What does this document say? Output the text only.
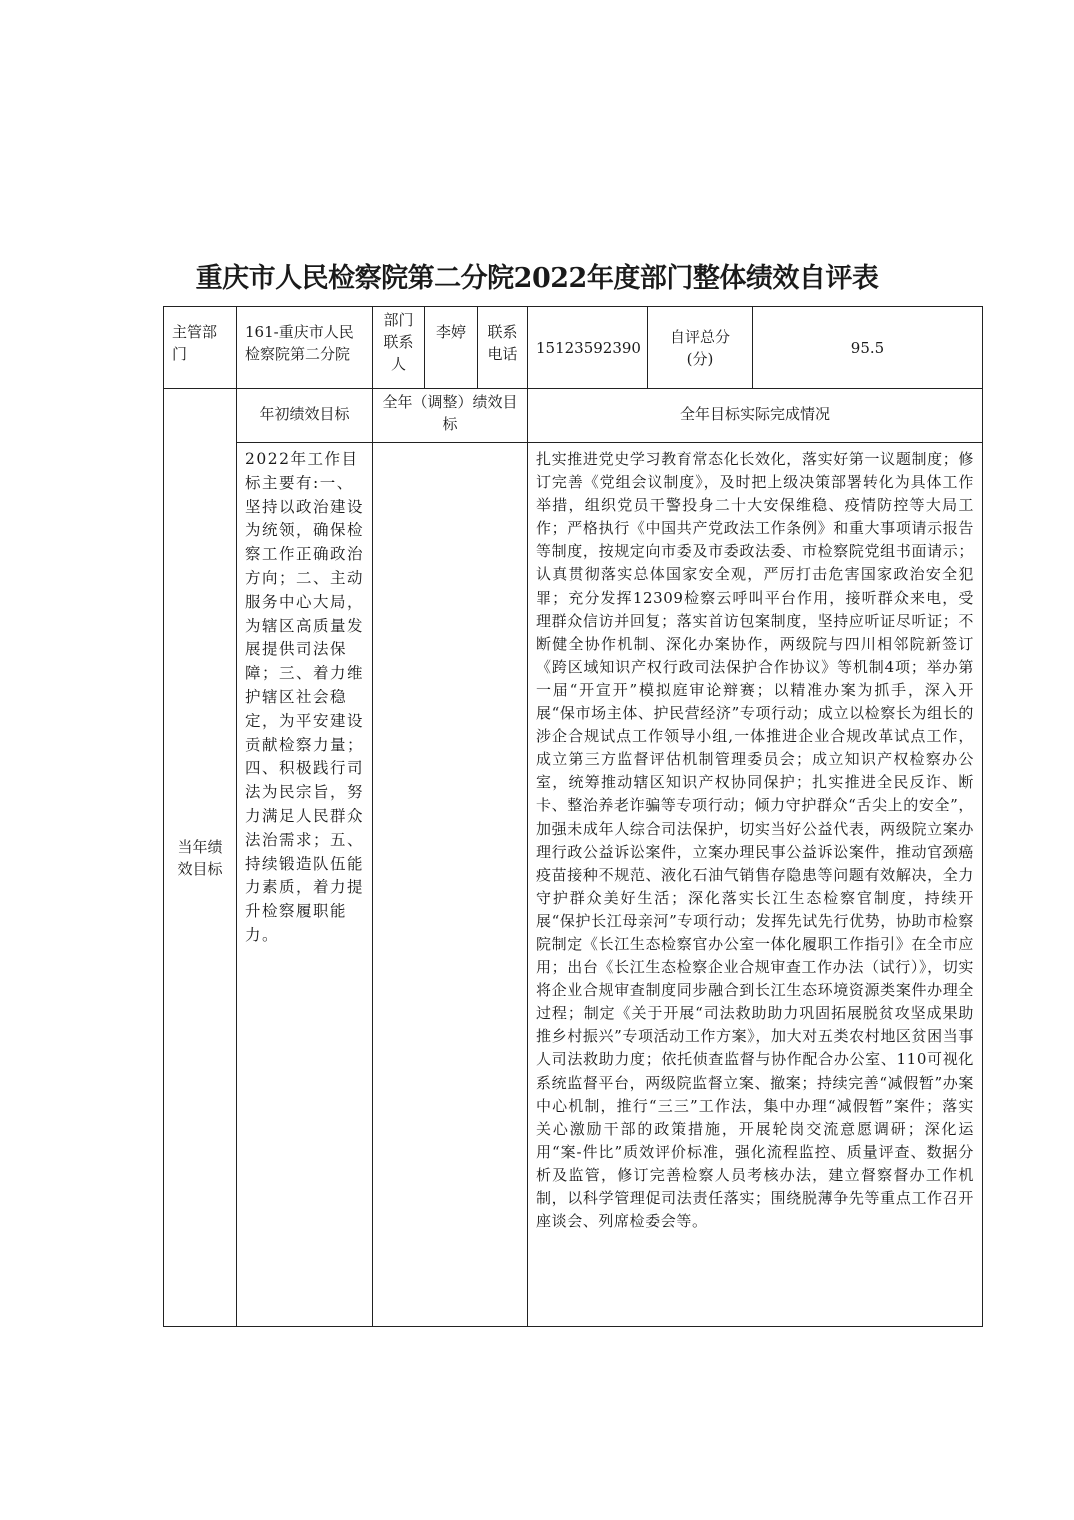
重庆市人民检察院第二分院2022年度部门整体绩效自评表
主管部门	161-重庆市人民检察院第二分院	部门联系人	李婷	联系电话	15123592390	自评总分(分)	95.5
当年绩效目标	年初绩效目标	全年（调整）绩效目标			全年目标实际完成情况		
	2022年工作目标主要有:一、坚持以政治建设为统领，确保检察工作正确政治方向；二、主动服务中心大局，为辖区高质量发展提供司法保障；三、着力维护辖区社会稳定，为平安建设贡献检察力量；四、积极践行司法为民宗旨，努力满足人民群众法治需求；五、持续锻造队伍能力素质，着力提升检察履职能力。				扎实推进党史学习教育常态化长效化，落实好第一议题制度；修订完善《党组会议制度》，及时把上级决策部署转化为具体工作举措，组织党员干警投身二十大安保维稳、疫情防控等大局工作；严格执行《中国共产党政法工作条例》和重大事项请示报告等制度，按规定向市委及市委政法委、市检察院党组书面请示；认真贯彻落实总体国家安全观，严厉打击危害国家政治安全犯罪；充分发挥12309检察云呼叫平台作用，接听群众来电，受理群众信访并回复；落实首访包案制度，坚持应听证尽听证；不断健全协作机制、深化办案协作，两级院与四川相邻院新签订《跨区域知识产权行政司法保护合作协议》等机制4项；举办第一届“开宣开”模拟庭审论辩赛；以精准办案为抓手，深入开展“保市场主体、护民营经济”专项行动；成立以检察长为组长的涉企合规试点工作领导小组,一体推进企业合规改革试点工作，成立第三方监督评估机制管理委员会；成立知识产权检察办公室，统筹推动辖区知识产权协同保护；扎实推进全民反诈、断卡、整治养老诈骗等专项行动；倾力守护群众“舌尖上的安全”，加强未成年人综合司法保护，切实当好公益代表，两级院立案办理行政公益诉讼案件，立案办理民事公益诉讼案件，推动官颈癌疫苗接种不规范、液化石油气销售存隐患等问题有效解决，全力守护群众美好生活；深化落实长江生态检察官制度，持续开展“保护长江母亲河”专项行动；发挥先试先行优势，协助市检察院制定《长江生态检察官办公室一体化履职工作指引》在全市应用；出台《长江生态检察企业合规审查工作办法（试行）》，切实将企业合规审查制度同步融合到长江生态环境资源类案件办理全过程；制定《关于开展“司法救助助力巩固拓展脱贫攻坚成果助推乡村振兴”专项活动工作方案》，加大对五类农村地区贫困当事人司法救助力度；依托侦查监督与协作配合办公室、110可视化系统监督平台，两级院监督立案、撤案；持续完善“减假暂”办案中心机制，推行“三三”工作法，集中办理“减假暂”案件；落实关心激励干部的政策措施，开展轮岗交流意愿调研；深化运用“案-件比”质效评价标准，强化流程监控、质量评查、数据分析及监管，修订完善检察人员考核办法，建立督察督办工作机制，以科学管理促司法责任落实；围绕脱薄争先等重点工作召开座谈会、列席检委会等。		
